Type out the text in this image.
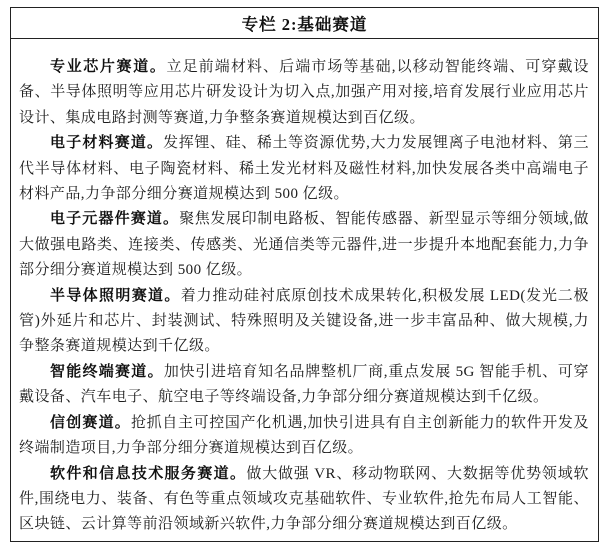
专栏 2:基础赛道

专业芯片赛道。立足前端材料、后端市场等基础,以移动智能终端、可穿戴设备、半导体照明等应用芯片研发设计为切入点,加强产用对接,培育发展行业应用芯片设计、集成电路封测等赛道,力争整条赛道规模达到百亿级。

电子材料赛道。发挥锂、硅、稀土等资源优势,大力发展锂离子电池材料、第三代半导体材料、电子陶瓷材料、稀土发光材料及磁性材料,加快发展各类中高端电子材料产品,力争部分细分赛道规模达到 500 亿级。

电子元器件赛道。聚焦发展印制电路板、智能传感器、新型显示等细分领域,做大做强电路类、连接类、传感类、光通信类等元器件,进一步提升本地配套能力,力争部分细分赛道规模达到 500 亿级。

半导体照明赛道。着力推动硅衬底原创技术成果转化,积极发展 LED(发光二极管)外延片和芯片、封装测试、特殊照明及关键设备,进一步丰富品种、做大规模,力争整条赛道规模达到千亿级。

智能终端赛道。加快引进培育知名品牌整机厂商,重点发展 5G 智能手机、可穿戴设备、汽车电子、航空电子等终端设备,力争部分细分赛道规模达到千亿级。

信创赛道。抢抓自主可控国产化机遇,加快引进具有自主创新能力的软件开发及终端制造项目,力争部分细分赛道规模达到百亿级。

软件和信息技术服务赛道。做大做强 VR、移动物联网、大数据等优势领域软件,围绕电力、装备、有色等重点领域攻克基础软件、专业软件,抢先布局人工智能、区块链、云计算等前沿领域新兴软件,力争部分细分赛道规模达到百亿级。
